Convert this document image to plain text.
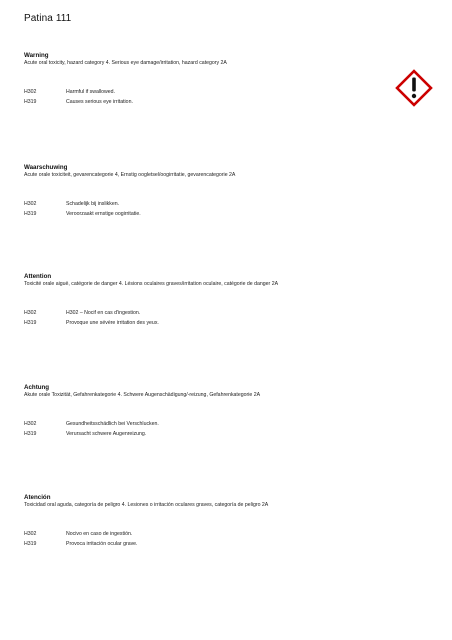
Patina 111
Warning
Acute oral toxicity, hazard category 4. Serious eye damage/irritation, hazard category 2A
H302	Harmful if swallowed.
H319	Causes serious eye irritation.
Waarschuwing
Acute orale toxiciteit, gevarencategorie 4, Ernstig oogletsel/oogirritatie, gevarencategorie 2A
H302	Schadelijk bij inslikken.
H319	Veroorzaakt ernstige oogirritatie.
Attention
Toxicité orale aiguë, catégorie de danger 4. Lésions oculaires graves/irritation oculaire, catégorie de danger 2A
H302	H302 – Nocif en cas d'ingestion.
H319	Provoque une sévère irritation des yeux.
Achtung
Akute orale Toxizität, Gefahrenkategorie 4. Schwere Augenschädigung/-reizung, Gefahrenkategorie 2A
H302	Gesundheitsschädlich bei Verschlucken.
H319	Verursacht schwere Augenreizung.
Atención
Toxicidad oral aguda, categoría de peligro 4. Lesiones o irritación oculares graves, categoría de peligro 2A
H302	Nocivo en caso de ingestión.
H319	Provoca irritación ocular grave.
